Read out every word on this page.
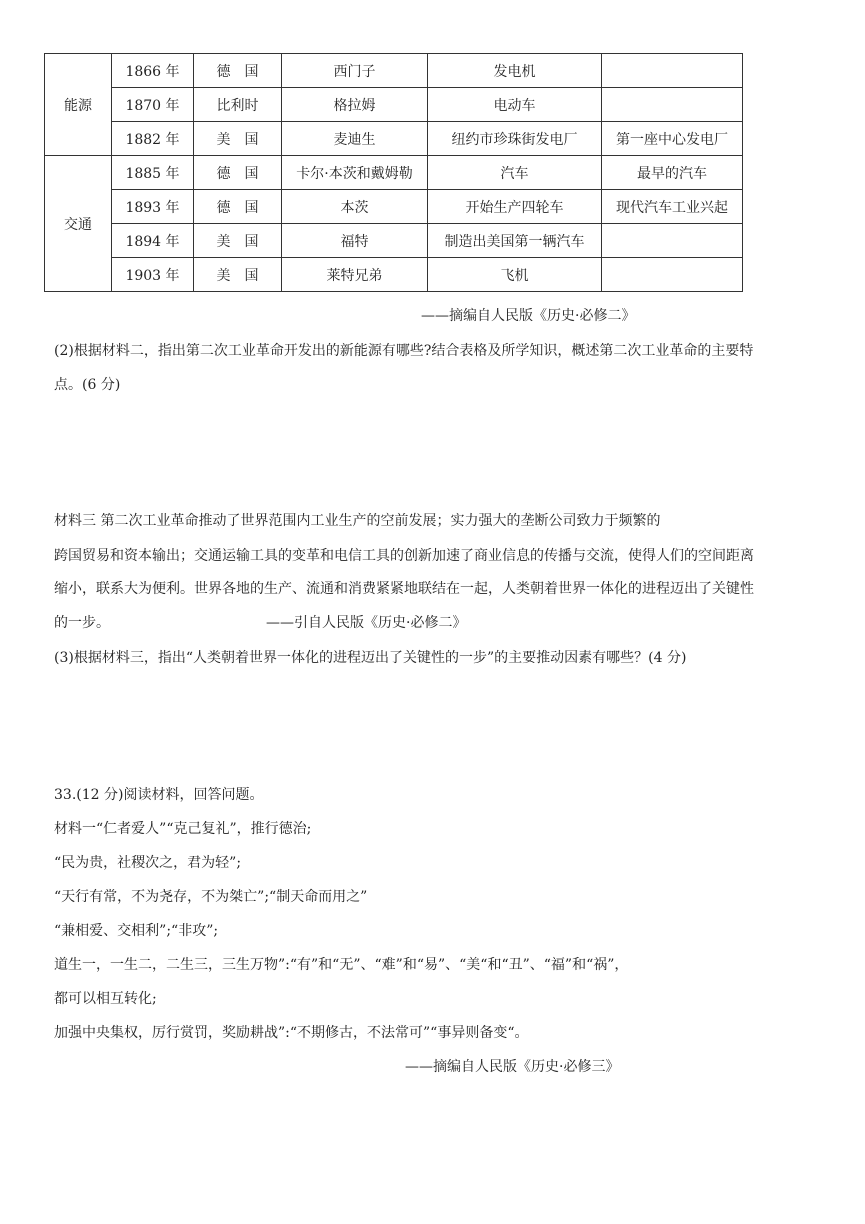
能源	1866 年	德　国	西门子	发电机	
	1870 年	比利时	格拉姆	电动车	
	1882 年	美　国	麦迪生	纽约市珍珠街发电厂	第一座中心发电厂
交通	1885 年	德　国	卡尔·本茨和戴姆勒	汽车	最早的汽车
	1893 年	德　国	本茨	开始生产四轮车	现代汽车工业兴起
	1894 年	美　国	福特	制造出美国第一辆汽车	
	1903 年	美　国	莱特兄弟	飞机	
——摘编自人民版《历史·必修二》
(2)根据材料二，指出第二次工业革命开发出的新能源有哪些?结合表格及所学知识，概述第二次工业革命的主要特
点。(6 分)
材料三 第二次工业革命推动了世界范围内工业生产的空前发展；实力强大的垄断公司致力于频繁的
跨国贸易和资本输出；交通运输工具的变革和电信工具的创新加速了商业信息的传播与交流，使得人们的空间距离
缩小，联系大为便利。世界各地的生产、流通和消费紧紧地联结在一起，人类朝着世界一体化的进程迈出了关键性
的一步。	——引自人民版《历史·必修二》
(3)根据材料三，指出“人类朝着世界一体化的进程迈出了关键性的一步”的主要推动因素有哪些？(4 分)
33.(12 分)阅读材料，回答问题。
材料一“仁者爱人”“克己复礼”，推行德治;
“民为贵，社稷次之，君为轻”;
“天行有常，不为尧存，不为桀亡”;“制天命而用之”
“兼相爱、交相利”;“非攻”;
道生一，一生二，二生三，三生万物”:“有”和“无”、“难”和“易”、“美“和“丑”、“福”和“祸”，
都可以相互转化;
加强中央集权，厉行赏罚，奖励耕战”:“不期修古，不法常可”“事异则备变“。
——摘编自人民版《历史·必修三》
